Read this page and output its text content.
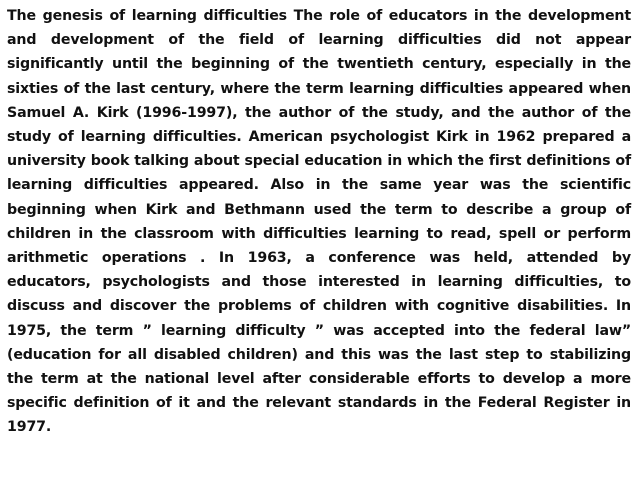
The genesis of learning difficulties The role of educators in the development and development of the field of learning difficulties did not appear significantly until the beginning of the twentieth century, especially in the sixties of the last century, where the term learning difficulties appeared when Samuel A. Kirk (1996-1997), the author of the study, and the author of the study of learning difficulties. American psychologist Kirk in 1962 prepared a university book talking about special education in which the first definitions of learning difficulties appeared. Also in the same year was the scientific beginning when Kirk and Bethmann used the term to describe a group of children in the classroom with difficulties learning to read, spell or perform arithmetic operations . In 1963, a conference was held, attended by educators, psychologists and those interested in learning difficulties, to discuss and discover the problems of children with cognitive disabilities. In 1975, the term ” learning difficulty ” was accepted into the federal law” (education for all disabled children) and this was the last step to stabilizing the term at the national level after considerable efforts to develop a more specific definition of it and the relevant standards in the Federal Register in 1977.
